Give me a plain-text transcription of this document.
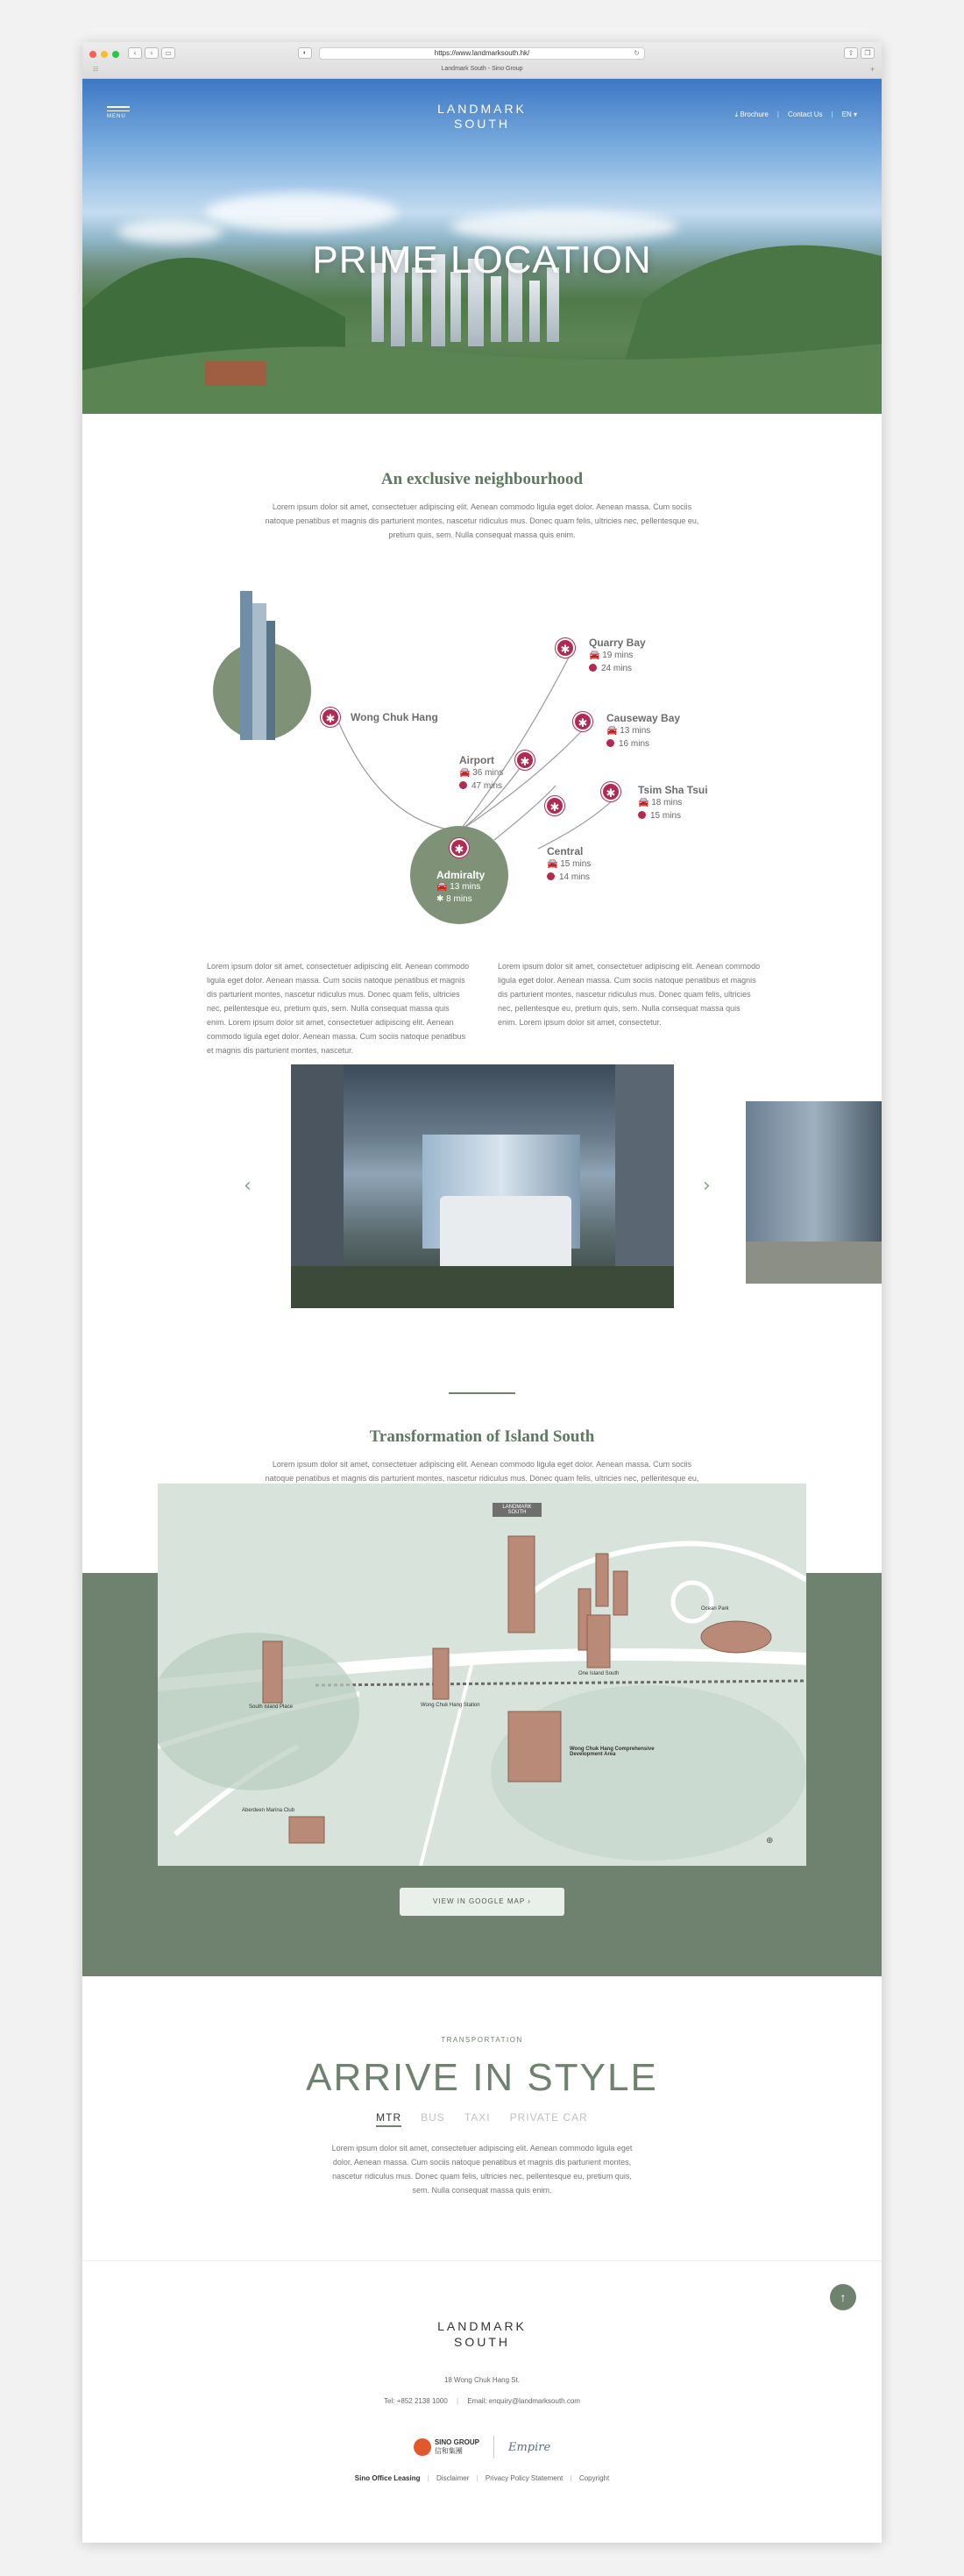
‹	›	▭	◐	https://www.landmarksouth.hk/	↻	⇧	❐
☷	Landmark South - Sino Group	+
MENU
LANDMARK
SOUTH
⤓ Brochure | Contact Us | EN ▾
PRIME LOCATION
An exclusive neighbourhood

Lorem ipsum dolor sit amet, consectetuer adipiscing elit. Aenean commodo ligula eget dolor. Aenean massa. Cum sociis natoque penatibus et magnis dis parturient montes, nascetur ridiculus mus. Donec quam felis, ultricies nec, pellentesque eu, pretium quis, sem. Nulla consequat massa quis enim.

✱	Wong Chuk Hang
✱
Admiralty
🚘 13 mins
✱ 8 mins
✱	Quarry Bay
🚘 19 mins
24 mins
✱	Causeway Bay
🚘 13 mins
16 mins
✱	Tsim Sha Tsui
🚘 18 mins
15 mins
✱
Airport
🚘 36 mins
47 mins
✱
Central
🚘 15 mins
14 mins

Lorem ipsum dolor sit amet, consectetuer adipiscing elit. Aenean commodo ligula eget dolor. Aenean massa. Cum sociis natoque penatibus et magnis dis parturient montes, nascetur ridiculus mus. Donec quam felis, ultricies nec, pellentesque eu, pretium quis, sem. Nulla consequat massa quis enim. Lorem ipsum dolor sit amet, consectetuer adipiscing elit. Aenean commodo ligula eget dolor. Aenean massa. Cum sociis natoque penatibus et magnis dis parturient montes, nascetur.

Lorem ipsum dolor sit amet, consectetuer adipiscing elit. Aenean commodo ligula eget dolor. Aenean massa. Cum sociis natoque penatibus et magnis dis parturient montes, nascetur ridiculus mus. Donec quam felis, ultricies nec, pellentesque eu, pretium quis, sem. Nulla consequat massa quis enim. Lorem ipsum dolor sit amet, consectetur.

‹	›
Transformation of Island South

Lorem ipsum dolor sit amet, consectetuer adipiscing elit. Aenean commodo ligula eget dolor. Aenean massa. Cum sociis natoque penatibus et magnis dis parturient montes, nascetur ridiculus mus. Donec quam felis, ultricies nec, pellentesque eu,

LANDMARK SOUTH
South Island Place	Wong Chuk Hang Station
Ocean Park
Aberdeen Marina Club
One Island South
Wong Chuk Hang Comprehensive Development Area
⊕
VIEW IN GOOGLE MAP ›
TRANSPORTATION
ARRIVE IN STYLE
MTR BUS TAXI PRIVATE CAR

Lorem ipsum dolor sit amet, consectetuer adipiscing elit. Aenean commodo ligula eget dolor. Aenean massa. Cum sociis natoque penatibus et magnis dis parturient montes, nascetur ridiculus mus. Donec quam felis, ultricies nec, pellentesque eu, pretium quis, sem. Nulla consequat massa quis enim.

↑
LANDMARK
SOUTH
18 Wong Chuk Hang St.
Tel: +852 2138 1000 | Email: enquiry@landmarksouth.com
SINO GROUP
信和集團	Empire
Sino Office Leasing | Disclaimer | Privacy Policy Statement | Copyright
